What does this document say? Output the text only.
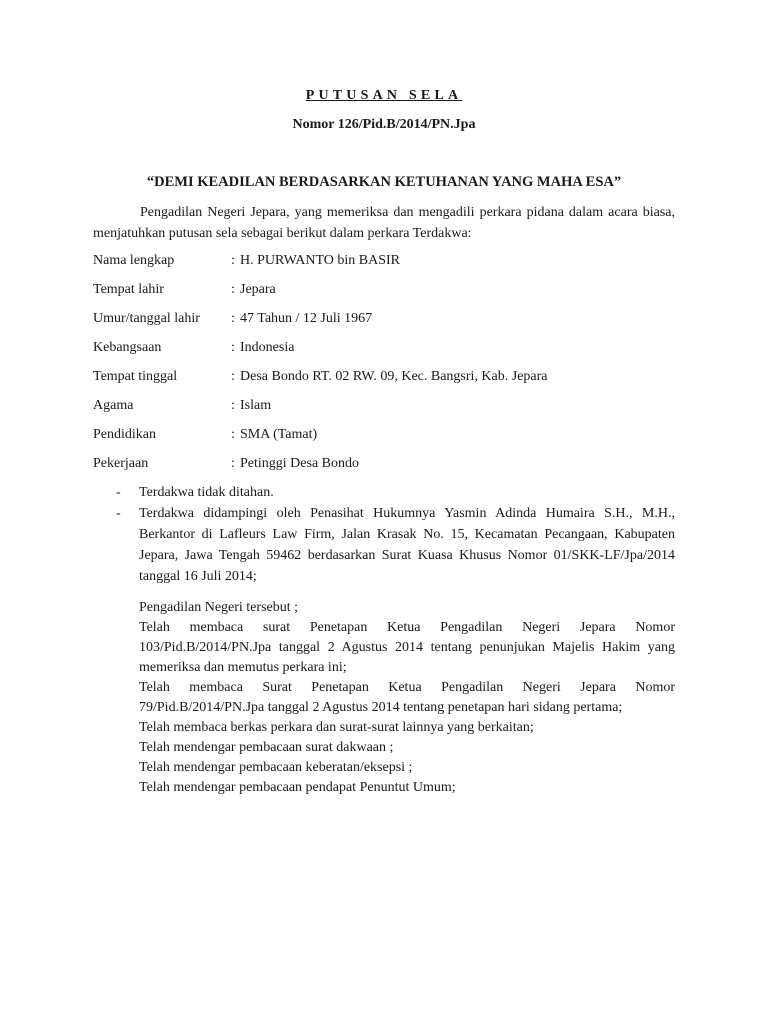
PUTUSAN SELA
Nomor 126/Pid.B/2014/PN.Jpa
“DEMI KEADILAN BERDASARKAN KETUHANAN YANG MAHA ESA”

Pengadilan Negeri Jepara, yang memeriksa dan mengadili perkara pidana dalam acara biasa, menjatuhkan putusan sela sebagai berikut dalam perkara Terdakwa:

Nama lengkap	: H. PURWANTO bin BASIR
Tempat lahir	: Jepara
Umur/tanggal lahir : 47 Tahun / 12 Juli 1967
Kebangsaan	: Indonesia
Tempat tinggal	: Desa Bondo RT. 02 RW. 09, Kec. Bangsri, Kab. Jepara
Agama	: Islam
Pendidikan	: SMA (Tamat)
Pekerjaan	: Petinggi Desa Bondo
- Terdakwa tidak ditahan.
- Terdakwa didampingi oleh Penasihat Hukumnya Yasmin Adinda Humaira S.H., M.H., Berkantor di Lafleurs Law Firm, Jalan Krasak No. 15, Kecamatan Pecangaan, Kabupaten Jepara, Jawa Tengah 59462 berdasarkan Surat Kuasa Khusus Nomor 01/SKK-LF/Jpa/2014 tanggal 16 Juli 2014;

Pengadilan Negeri tersebut ;

Telah membaca surat Penetapan Ketua Pengadilan Negeri Jepara Nomor 103/Pid.B/2014/PN.Jpa tanggal 2 Agustus 2014 tentang penunjukan Majelis Hakim yang memeriksa dan memutus perkara ini;

Telah membaca Surat Penetapan Ketua Pengadilan Negeri Jepara Nomor 79/Pid.B/2014/PN.Jpa tanggal 2 Agustus 2014 tentang penetapan hari sidang pertama;

Telah membaca berkas perkara dan surat-surat lainnya yang berkaitan;

Telah mendengar pembacaan surat dakwaan ;

Telah mendengar pembacaan keberatan/eksepsi ;

Telah mendengar pembacaan pendapat Penuntut Umum;
